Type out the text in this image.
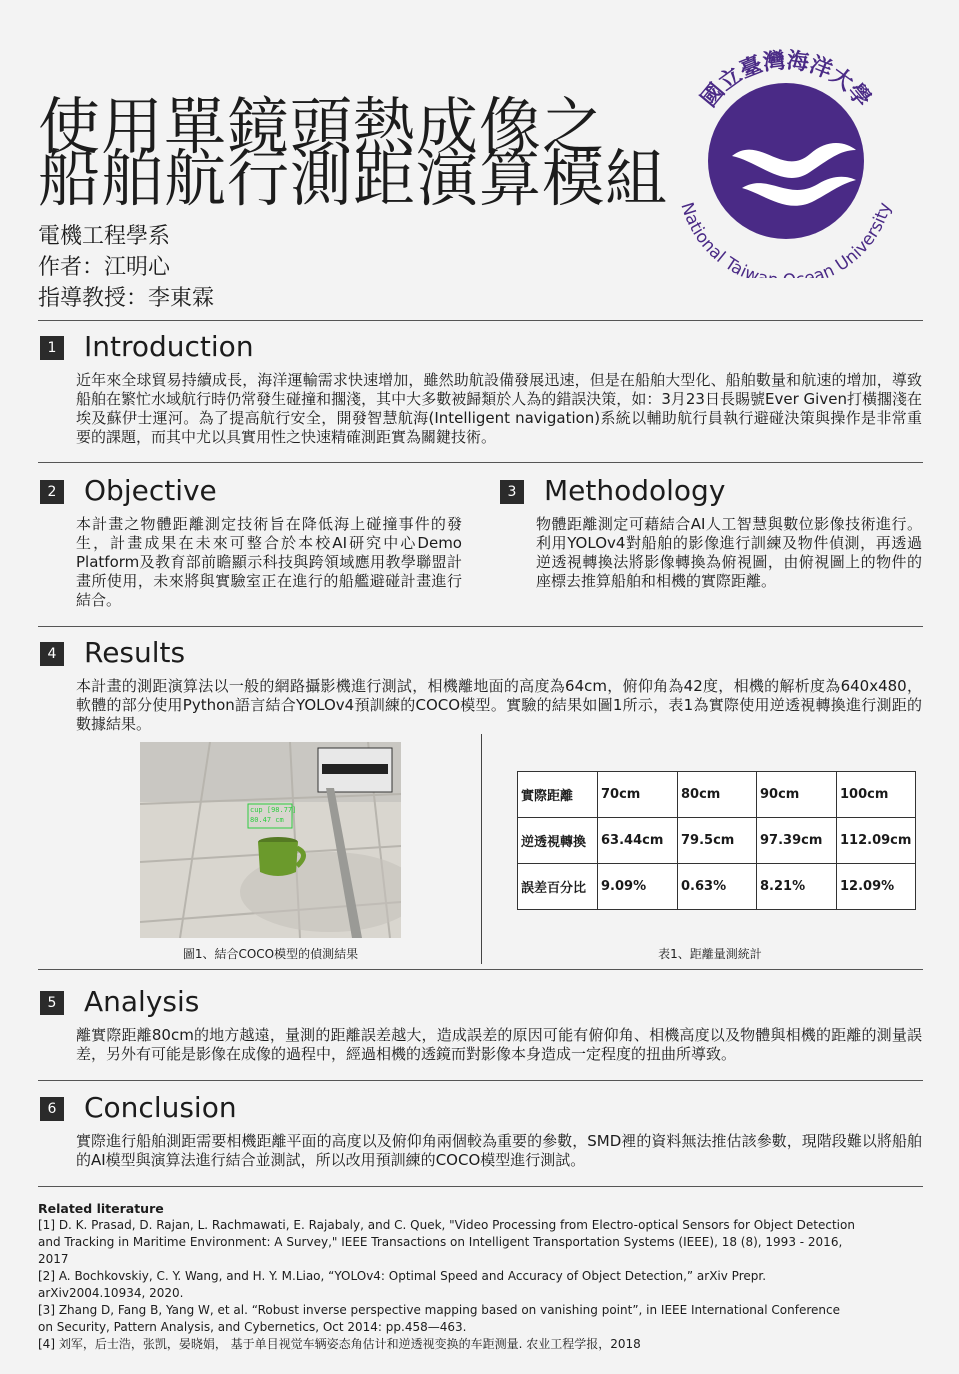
使用單鏡頭熱成像之
船舶航行測距演算模組
電機工程學系
作者：江明心
指導教授：李東霖
國立臺灣海洋大學
National Taiw an University
1 Introduction
近年來全球貿易持續成長，海洋運輸需求快速增加，雖然助航設備發展迅速，但是在船舶大型化、船舶數量和航速的增加，導致船舶在繁忙水域航行時仍常發生碰撞和擱淺，其中大多數被歸類於人為的錯誤決策，如：3月23日長賜號Ever Given打橫擱淺在埃及蘇伊士運河。為了提高航行安全，開發智慧航海(Intelligent navigation)系統以輔助航行員執行避碰決策與操作是非常重要的課題，而其中尤以具實用性之快速精確測距實為關鍵技術。
2 Objective
本計畫之物體距離測定技術旨在降低海上碰撞事件的發生，計畫成果在未來可整合於本校AI研究中心Demo Platform及教育部前瞻顯示科技與跨領域應用教學聯盟計畫所使用，未來將與實驗室正在進行的船艦避碰計畫進行結合。
3 Methodology
物體距離測定可藉結合AI人工智慧與數位影像技術進行。利用YOLOv4對船舶的影像進行訓練及物件偵測，再透過逆透視轉換法將影像轉換為俯視圖，由俯視圖上的物件的座標去推算船舶和相機的實際距離。
4 Results
本計畫的測距演算法以一般的網路攝影機進行測試，相機離地面的高度為64cm，俯仰角為42度，相機的解析度為640x480，軟體的部分使用Python語言結合YOLOv4預訓練的COCO模型。實驗的結果如圖1所示，表1為實際使用逆透視轉換進行測距的數據結果。
cup [98.77]
80.47 cm
圖1、結合COCO模型的偵測結果
實際距離	70cm	80cm	90cm	100cm
逆透視轉換	63.44cm	79.5cm	97.39cm	112.09cm
誤差百分比	9.09%	0.63%	8.21%	12.09%
表1、距離量測統計
5 Analysis
離實際距離80cm的地方越遠，量測的距離誤差越大，造成誤差的原因可能有俯仰角、相機高度以及物體與相機的距離的測量誤差，另外有可能是影像在成像的過程中，經過相機的透鏡而對影像本身造成一定程度的扭曲所導致。
6 Conclusion
實際進行船舶測距需要相機距離平面的高度以及俯仰角兩個較為重要的參數，SMD裡的資料無法推估該參數，現階段難以將船舶的AI模型與演算法進行結合並測試，所以改用預訓練的COCO模型進行測試。
Related literature
[1] D. K. Prasad, D. Rajan, L. Rachmawati, E. Rajabaly, and C. Quek, "Video Processing from Electro-optical Sensors for Object Detection and Tracking in Maritime Environment: A Survey," IEEE Transactions on Intelligent Transportation Systems (IEEE), 18 (8), 1993 - 2016, 2017
[2] A. Bochkovskiy, C. Y. Wang, and H. Y. M.Liao, “YOLOv4: Optimal Speed and Accuracy of Object Detection,” arXiv Prepr. arXiv2004.10934, 2020.
[3] Zhang D, Fang B, Yang W, et al. “Robust inverse perspective mapping based on vanishing point”, in IEEE International Conference on Security, Pattern Analysis, and Cybernetics, Oct 2014: pp.458—463.
[4] 刘军，后士浩，张凯，晏晓娟， 基于单目视觉车辆姿态角估计和逆透视变换的车距测量. 农业工程学报，2018
